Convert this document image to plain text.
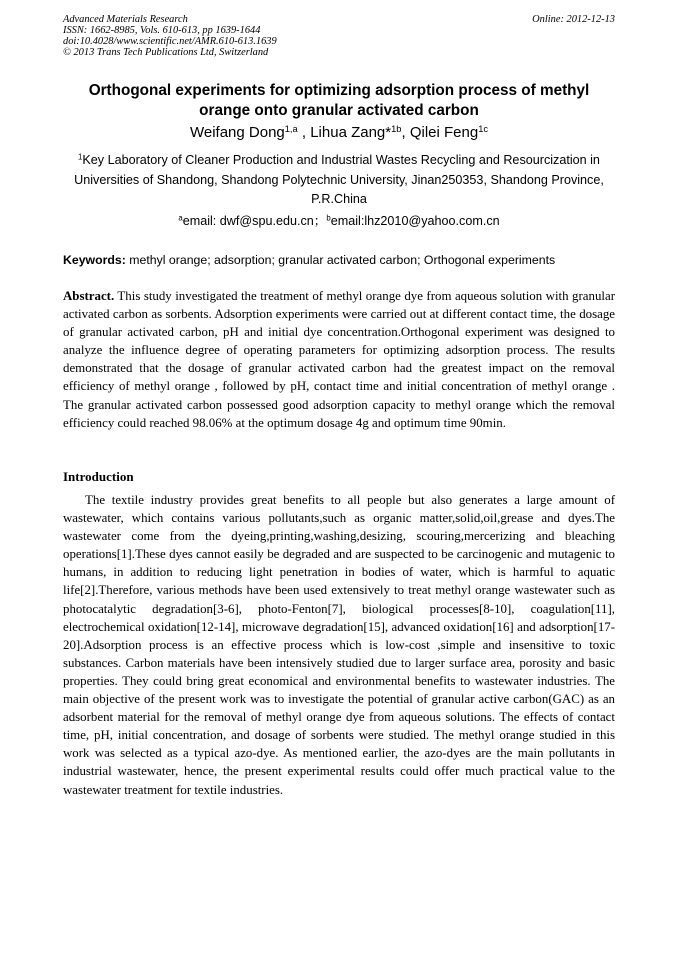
Advanced Materials Research
ISSN: 1662-8985, Vols. 610-613, pp 1639-1644
doi:10.4028/www.scientific.net/AMR.610-613.1639
© 2013 Trans Tech Publications Ltd, Switzerland
Online: 2012-12-13
Orthogonal experiments for optimizing adsorption process of methyl
orange onto granular activated carbon
Weifang Dong$^{1,a}$ , Lihua Zang*$^{1b}$, Qilei Feng$^{1c}$
$^1$Key Laboratory of Cleaner Production and Industrial Wastes Recycling and Resourcization in Universities of Shandong, Shandong Polytechnic University, Jinan250353, Shandong Province, P.R.China
$^a$email: dwf@spu.edu.cn；$^b$email:lhz2010@yahoo.com.cn
Keywords: methyl orange; adsorption; granular activated carbon; Orthogonal experiments
Abstract. This study investigated the treatment of methyl orange dye from aqueous solution with granular activated carbon as sorbents. Adsorption experiments were carried out at different contact time, the dosage of granular activated carbon, pH and initial dye concentration.Orthogonal experiment was designed to analyze the influence degree of operating parameters for optimizing adsorption process. The results demonstrated that the dosage of granular activated carbon had the greatest impact on the removal efficiency of methyl orange , followed by pH, contact time and initial concentration of methyl orange . The granular activated carbon possessed good adsorption capacity to methyl orange which the removal efficiency could reached 98.06% at the optimum dosage 4g and optimum time 90min.
Introduction
The textile industry provides great benefits to all people but also generates a large amount of wastewater, which contains various pollutants,such as organic matter,solid,oil,grease and dyes.The wastewater come from the dyeing,printing,washing,desizing, scouring,mercerizing and bleaching operations[1].These dyes cannot easily be degraded and are suspected to be carcinogenic and mutagenic to humans, in addition to reducing light penetration in bodies of water, which is harmful to aquatic life[2].Therefore, various methods have been used extensively to treat methyl orange wastewater such as photocatalytic degradation[3-6], photo-Fenton[7], biological processes[8-10], coagulation[11], electrochemical oxidation[12-14], microwave degradation[15], advanced oxidation[16] and adsorption[17-20].Adsorption process is an effective process which is low-cost ,simple and insensitive to toxic substances. Carbon materials have been intensively studied due to larger surface area, porosity and basic properties. They could bring great economical and environmental benefits to wastewater industries. The main objective of the present work was to investigate the potential of granular active carbon(GAC) as an adsorbent material for the removal of methyl orange dye from aqueous solutions. The effects of contact time, pH, initial concentration, and dosage of sorbents were studied. The methyl orange studied in this work was selected as a typical azo-dye. As mentioned earlier, the azo-dyes are the main pollutants in industrial wastewater, hence, the present experimental results could offer much practical value to the wastewater treatment for textile industries.
